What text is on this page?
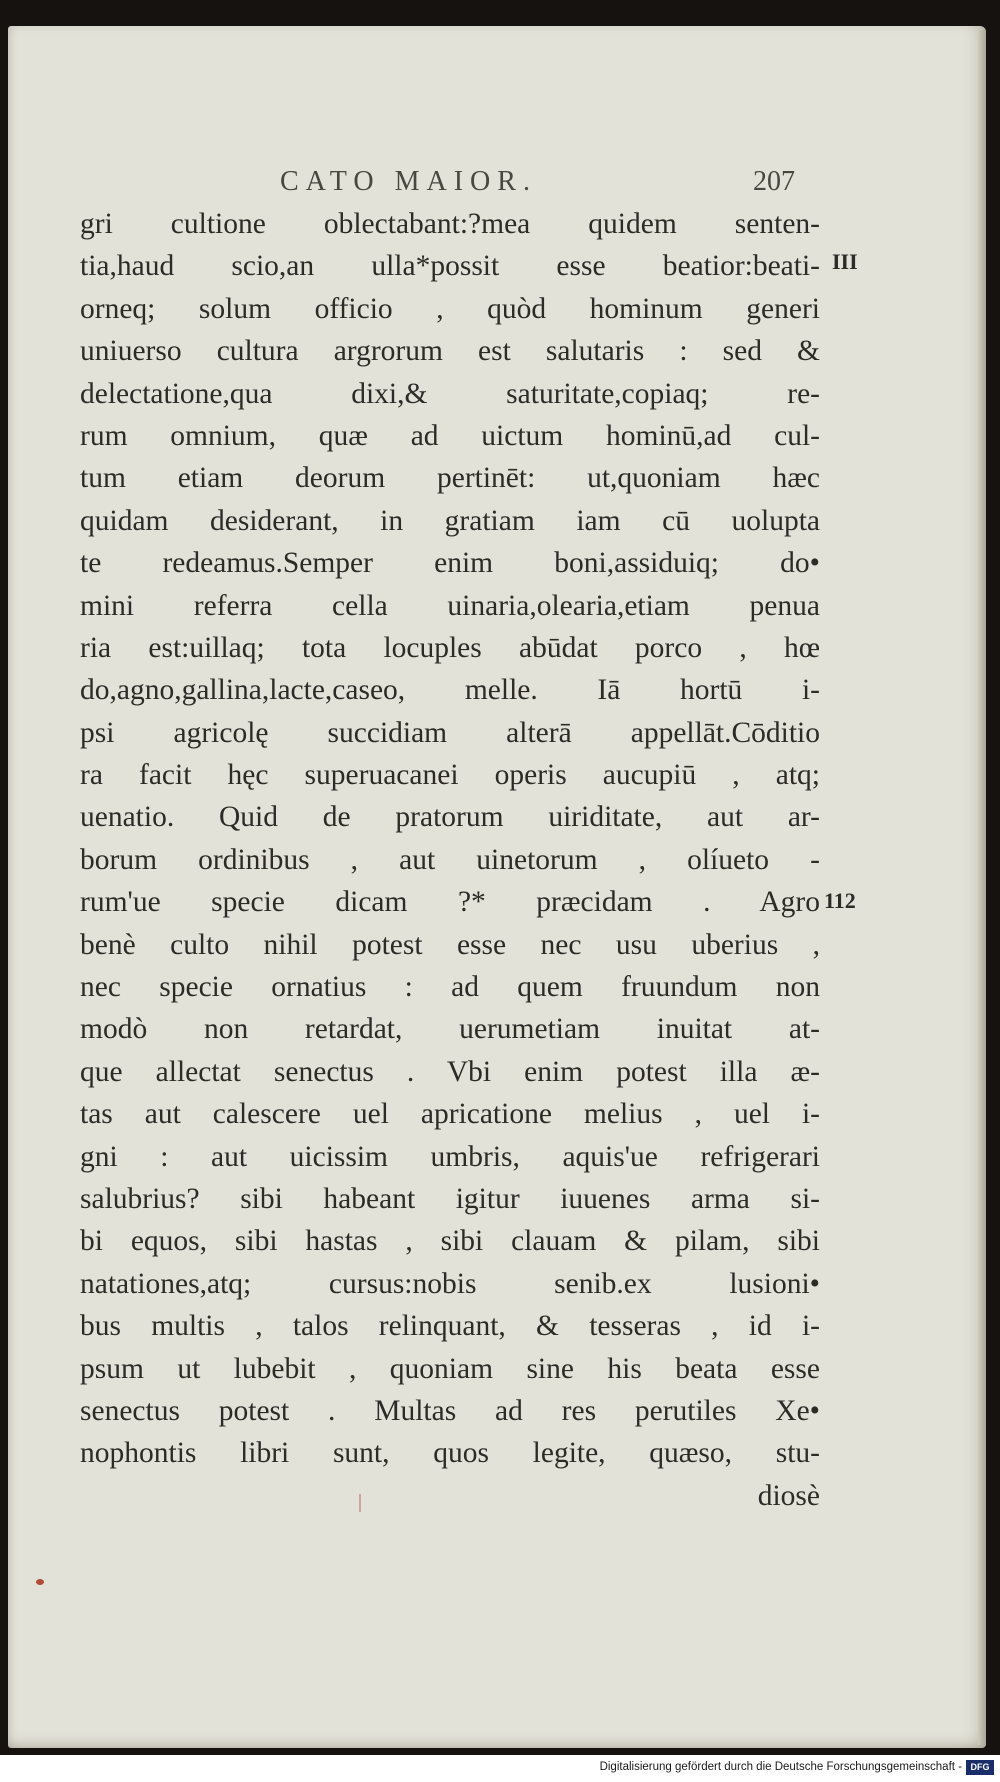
CATO MAIOR.	207
gri cultione oblectabant:?mea quidem senten-
tia,haud scio,an ulla*possit esse beatior:beati-
orneq; solum officio , quòd hominum generi
uniuerso cultura argrorum est salutaris : sed &
delectatione,qua dixi,& saturitate,copiaq; re-
rum omnium, quæ ad uictum hominū,ad cul-
tum etiam deorum pertinēt: ut,quoniam hæc
quidam desiderant, in gratiam iam cū uolupta
te redeamus.Semper enim boni,assiduiq; do•
mini referra cella uinaria,olearia,etiam penua
ria est:uillaq; tota locuples abūdat porco , hœ
do,agno,gallina,lacte,caseo, melle. Iā hortū i-
psi agricolę succidiam alterā appellāt.Cōditio
ra facit hęc superuacanei operis aucupiū , atq;
uenatio. Quid de pratorum uiriditate, aut ar-
borum ordinibus , aut uinetorum , olíueto -
rum'ue specie dicam ?* præcidam . Agro
benè culto nihil potest esse nec usu uberius ,
nec specie ornatius : ad quem fruundum non
modò non retardat, uerumetiam inuitat at-
que allectat senectus . Vbi enim potest illa æ-
tas aut calescere uel apricatione melius , uel i-
gni : aut uicissim umbris, aquis'ue refrigerari
salubrius? sibi habeant igitur iuuenes arma si-
bi equos, sibi hastas , sibi clauam & pilam, sibi
natationes,atq; cursus:nobis senib.ex lusioni•
bus multis , talos relinquant, & tesseras , id i-
psum ut lubebit , quoniam sine his beata esse
senectus potest . Multas ad res perutiles Xe•
nophontis libri sunt, quos legite, quæso, stu-
diosè
III
112
Digitalisierung gefördert durch die Deutsche Forschungsgemeinschaft - DFG
